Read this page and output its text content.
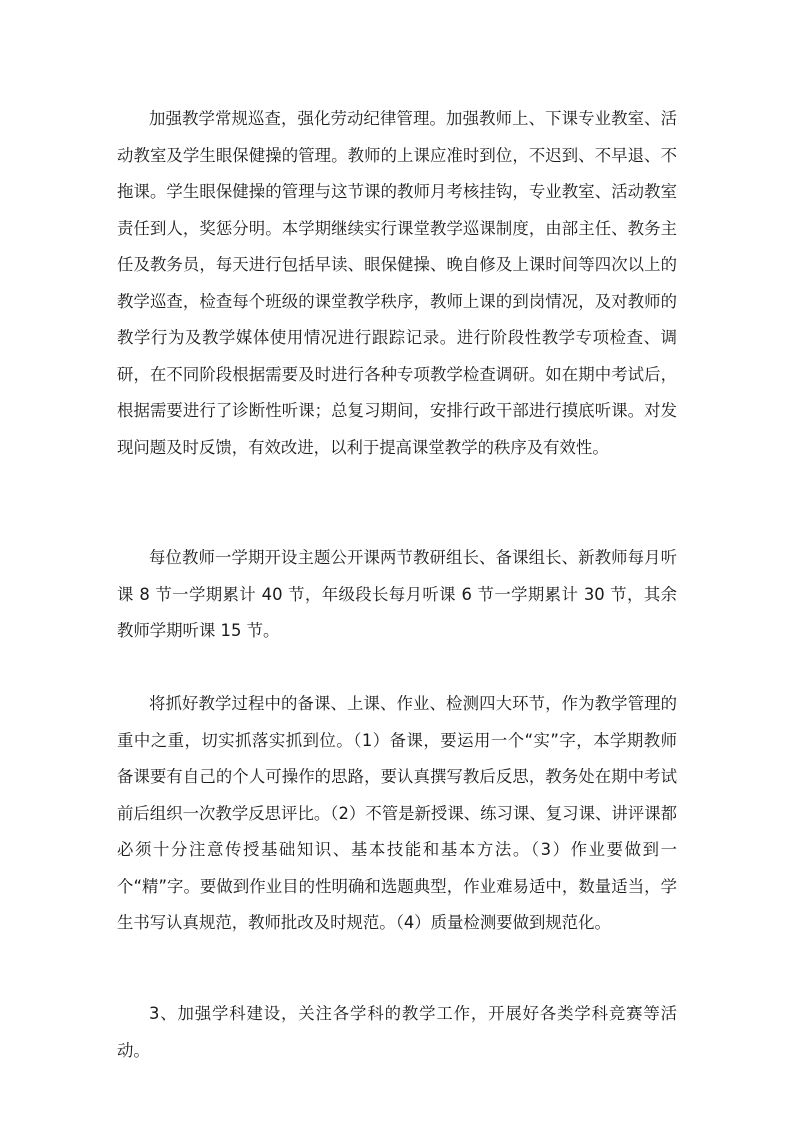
加强教学常规巡查，强化劳动纪律管理。加强教师上、下课专业教室、活动教室及学生眼保健操的管理。教师的上课应准时到位，不迟到、不早退、不拖课。学生眼保健操的管理与这节课的教师月考核挂钩，专业教室、活动教室责任到人，奖惩分明。本学期继续实行课堂教学巡课制度，由部主任、教务主任及教务员，每天进行包括早读、眼保健操、晚自修及上课时间等四次以上的教学巡查，检查每个班级的课堂教学秩序，教师上课的到岗情况，及对教师的教学行为及教学媒体使用情况进行跟踪记录。进行阶段性教学专项检查、调研，在不同阶段根据需要及时进行各种专项教学检查调研。如在期中考试后，根据需要进行了诊断性听课；总复习期间，安排行政干部进行摸底听课。对发现问题及时反馈，有效改进，以利于提高课堂教学的秩序及有效性。

每位教师一学期开设主题公开课两节教研组长、备课组长、新教师每月听课 8 节一学期累计 40 节，年级段长每月听课 6 节一学期累计 30 节，其余教师学期听课 15 节。

将抓好教学过程中的备课、上课、作业、检测四大环节，作为教学管理的重中之重，切实抓落实抓到位。（1）备课，要运用一个“实”字，本学期教师备课要有自己的个人可操作的思路，要认真撰写教后反思，教务处在期中考试前后组织一次教学反思评比。（2）不管是新授课、练习课、复习课、讲评课都必须十分注意传授基础知识、基本技能和基本方法。（3）作业要做到一个“精”字。要做到作业目的性明确和选题典型，作业难易适中，数量适当，学生书写认真规范，教师批改及时规范。（4）质量检测要做到规范化。

3、加强学科建设，关注各学科的教学工作，开展好各类学科竞赛等活动。
